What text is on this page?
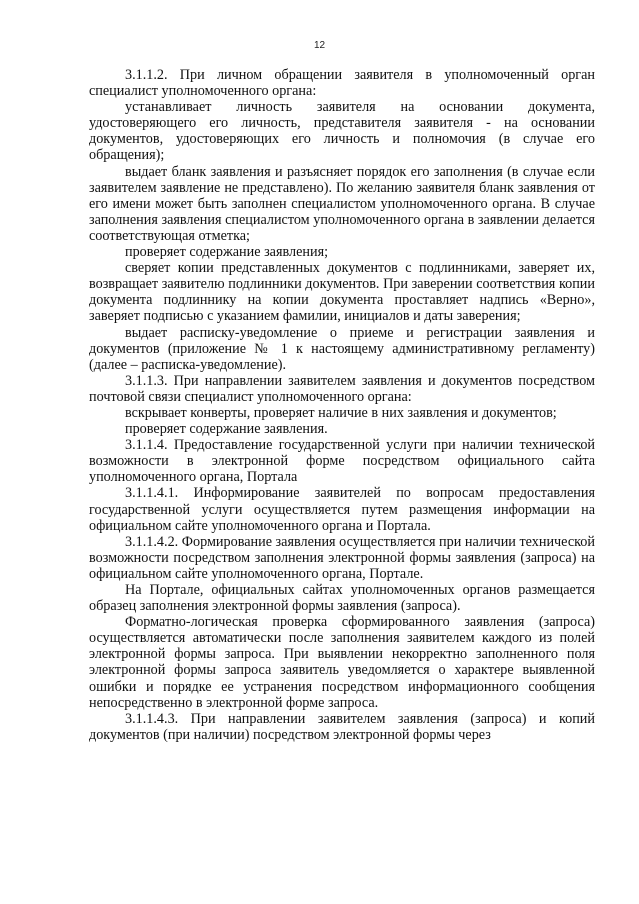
12

3.1.1.2. При личном обращении заявителя в уполномоченный орган специалист уполномоченного органа:

устанавливает личность заявителя на основании документа, удостоверяющего его личность, представителя заявителя - на основании документов, удостоверяющих его личность и полномочия (в случае его обращения);

выдает бланк заявления и разъясняет порядок его заполнения (в случае если заявителем заявление не представлено). По желанию заявителя бланк заявления от его имени может быть заполнен специалистом уполномоченного органа. В случае заполнения заявления специалистом уполномоченного органа в заявлении делается соответствующая отметка;

проверяет содержание заявления;

сверяет копии представленных документов с подлинниками, заверяет их, возвращает заявителю подлинники документов. При заверении соответствия копии документа подлиннику на копии документа проставляет надпись «Верно», заверяет подписью с указанием фамилии, инициалов и даты заверения;

выдает расписку-уведомление о приеме и регистрации заявления и документов (приложение № 1 к настоящему административному регламенту) (далее – расписка-уведомление).

3.1.1.3. При направлении заявителем заявления и документов посредством почтовой связи специалист уполномоченного органа:

вскрывает конверты, проверяет наличие в них заявления и документов;

проверяет содержание заявления.

3.1.1.4. Предоставление государственной услуги при наличии технической возможности в электронной форме посредством официального сайта уполномоченного органа, Портала

3.1.1.4.1. Информирование заявителей по вопросам предоставления государственной услуги осуществляется путем размещения информации на официальном сайте уполномоченного органа и Портала.

3.1.1.4.2. Формирование заявления осуществляется при наличии технической возможности посредством заполнения электронной формы заявления (запроса) на официальном сайте уполномоченного органа, Портале.

На Портале, официальных сайтах уполномоченных органов размещается образец заполнения электронной формы заявления (запроса).

Форматно-логическая проверка сформированного заявления (запроса) осуществляется автоматически после заполнения заявителем каждого из полей электронной формы запроса. При выявлении некорректно заполненного поля электронной формы запроса заявитель уведомляется о характере выявленной ошибки и порядке ее устранения посредством информационного сообщения непосредственно в электронной форме запроса.

3.1.1.4.3. При направлении заявителем заявления (запроса) и копий документов (при наличии) посредством электронной формы через
